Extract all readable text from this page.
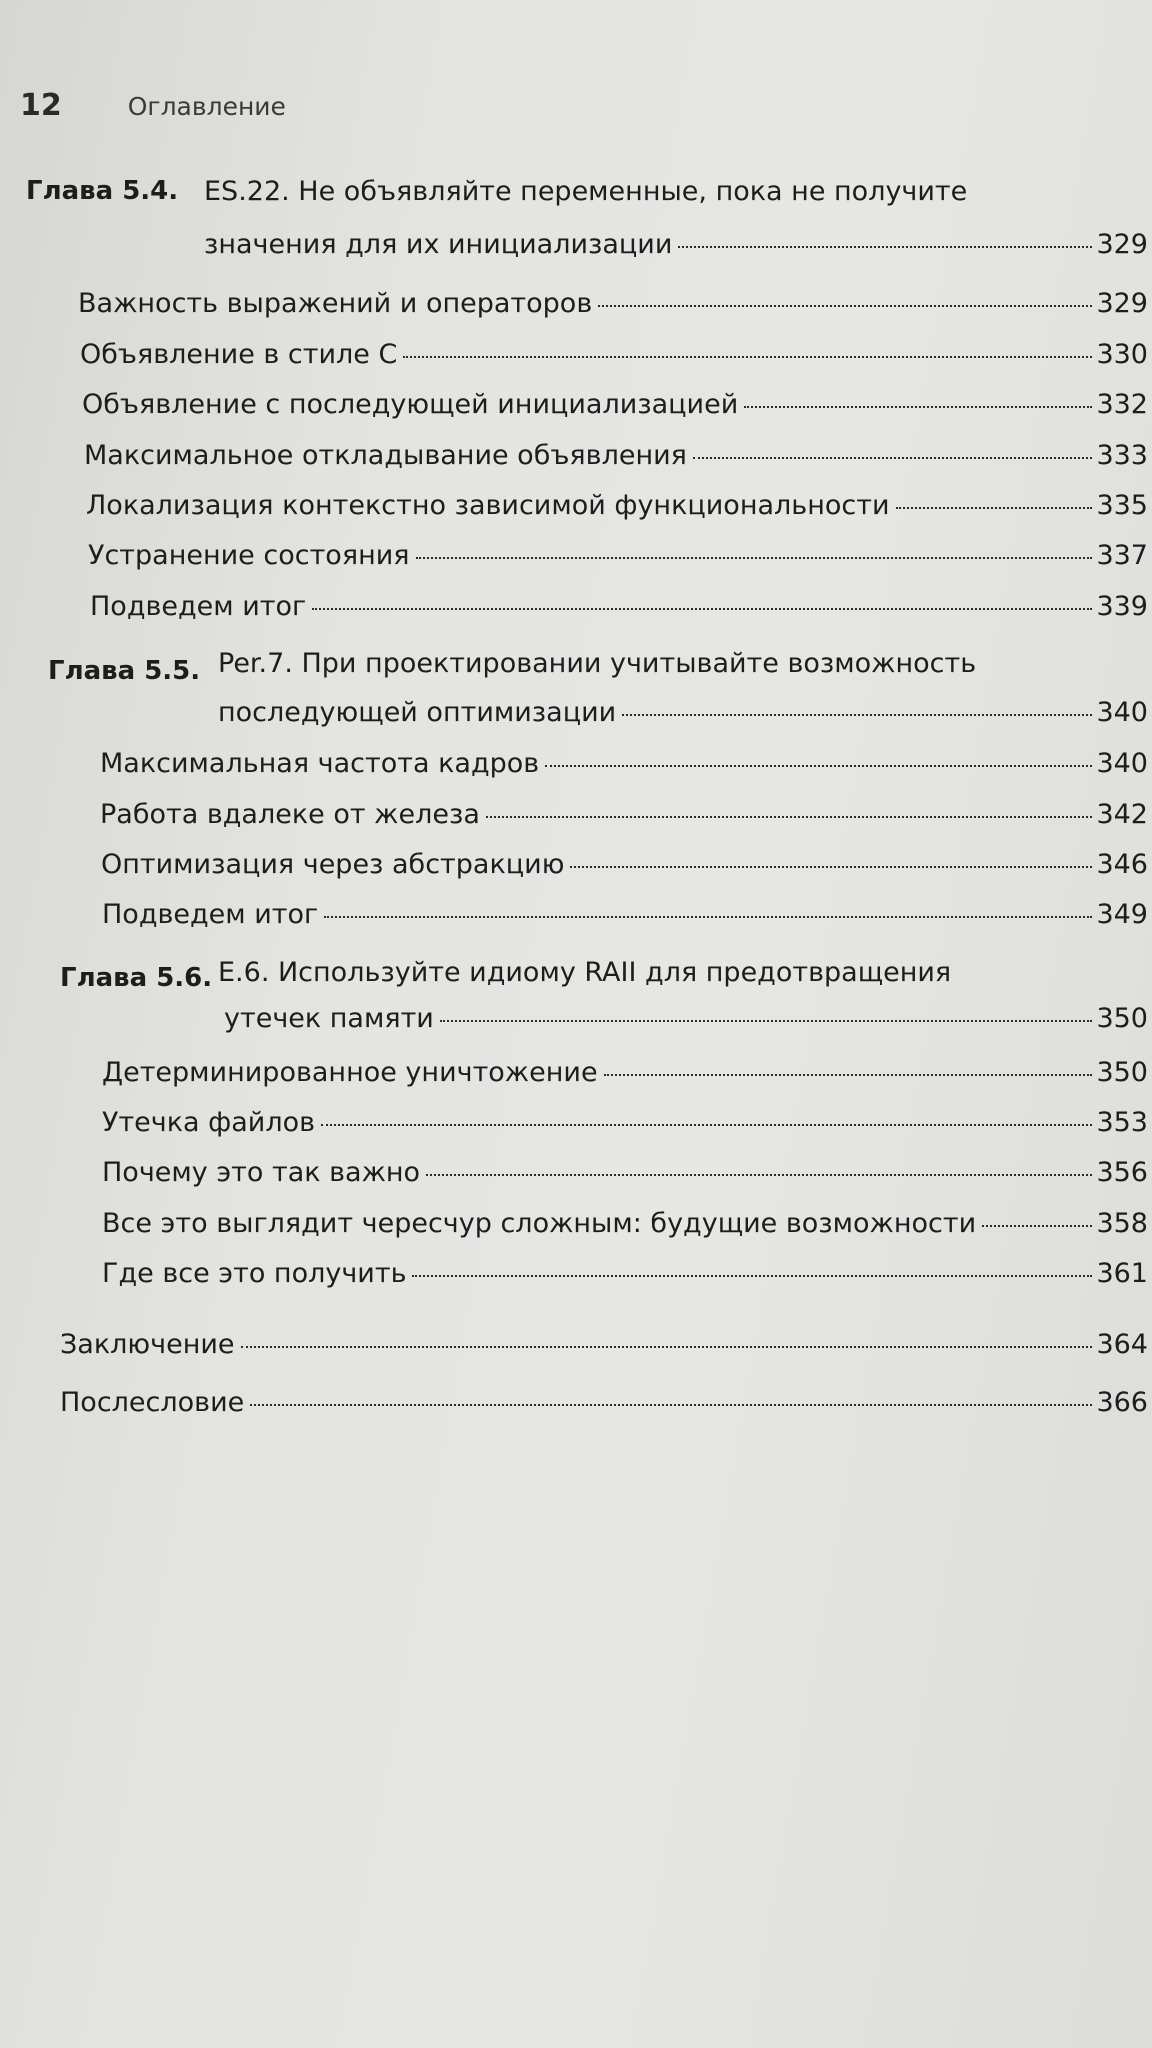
12	Оглавление
Глава 5.4. ES.22. Не объявляйте переменные, пока не получите
значения для их инициализации	329
Важность выражений и операторов	329
Объявление в стиле C	330
Объявление с последующей инициализацией	332
Максимальное откладывание объявления	333
Локализация контекстно зависимой функциональности	335
Устранение состояния	337
Подведем итог	339
Глава 5.5. Per.7. При проектировании учитывайте возможность
последующей оптимизации	340
Максимальная частота кадров	340
Работа вдалеке от железа	342
Оптимизация через абстракцию	346
Подведем итог	349
Глава 5.6. E.6. Используйте идиому RAII для предотвращения
утечек памяти	350
Детерминированное уничтожение	350
Утечка файлов	353
Почему это так важно	356
Все это выглядит чересчур сложным: будущие возможности	358
Где все это получить	361
Заключение	364
Послесловие	366
